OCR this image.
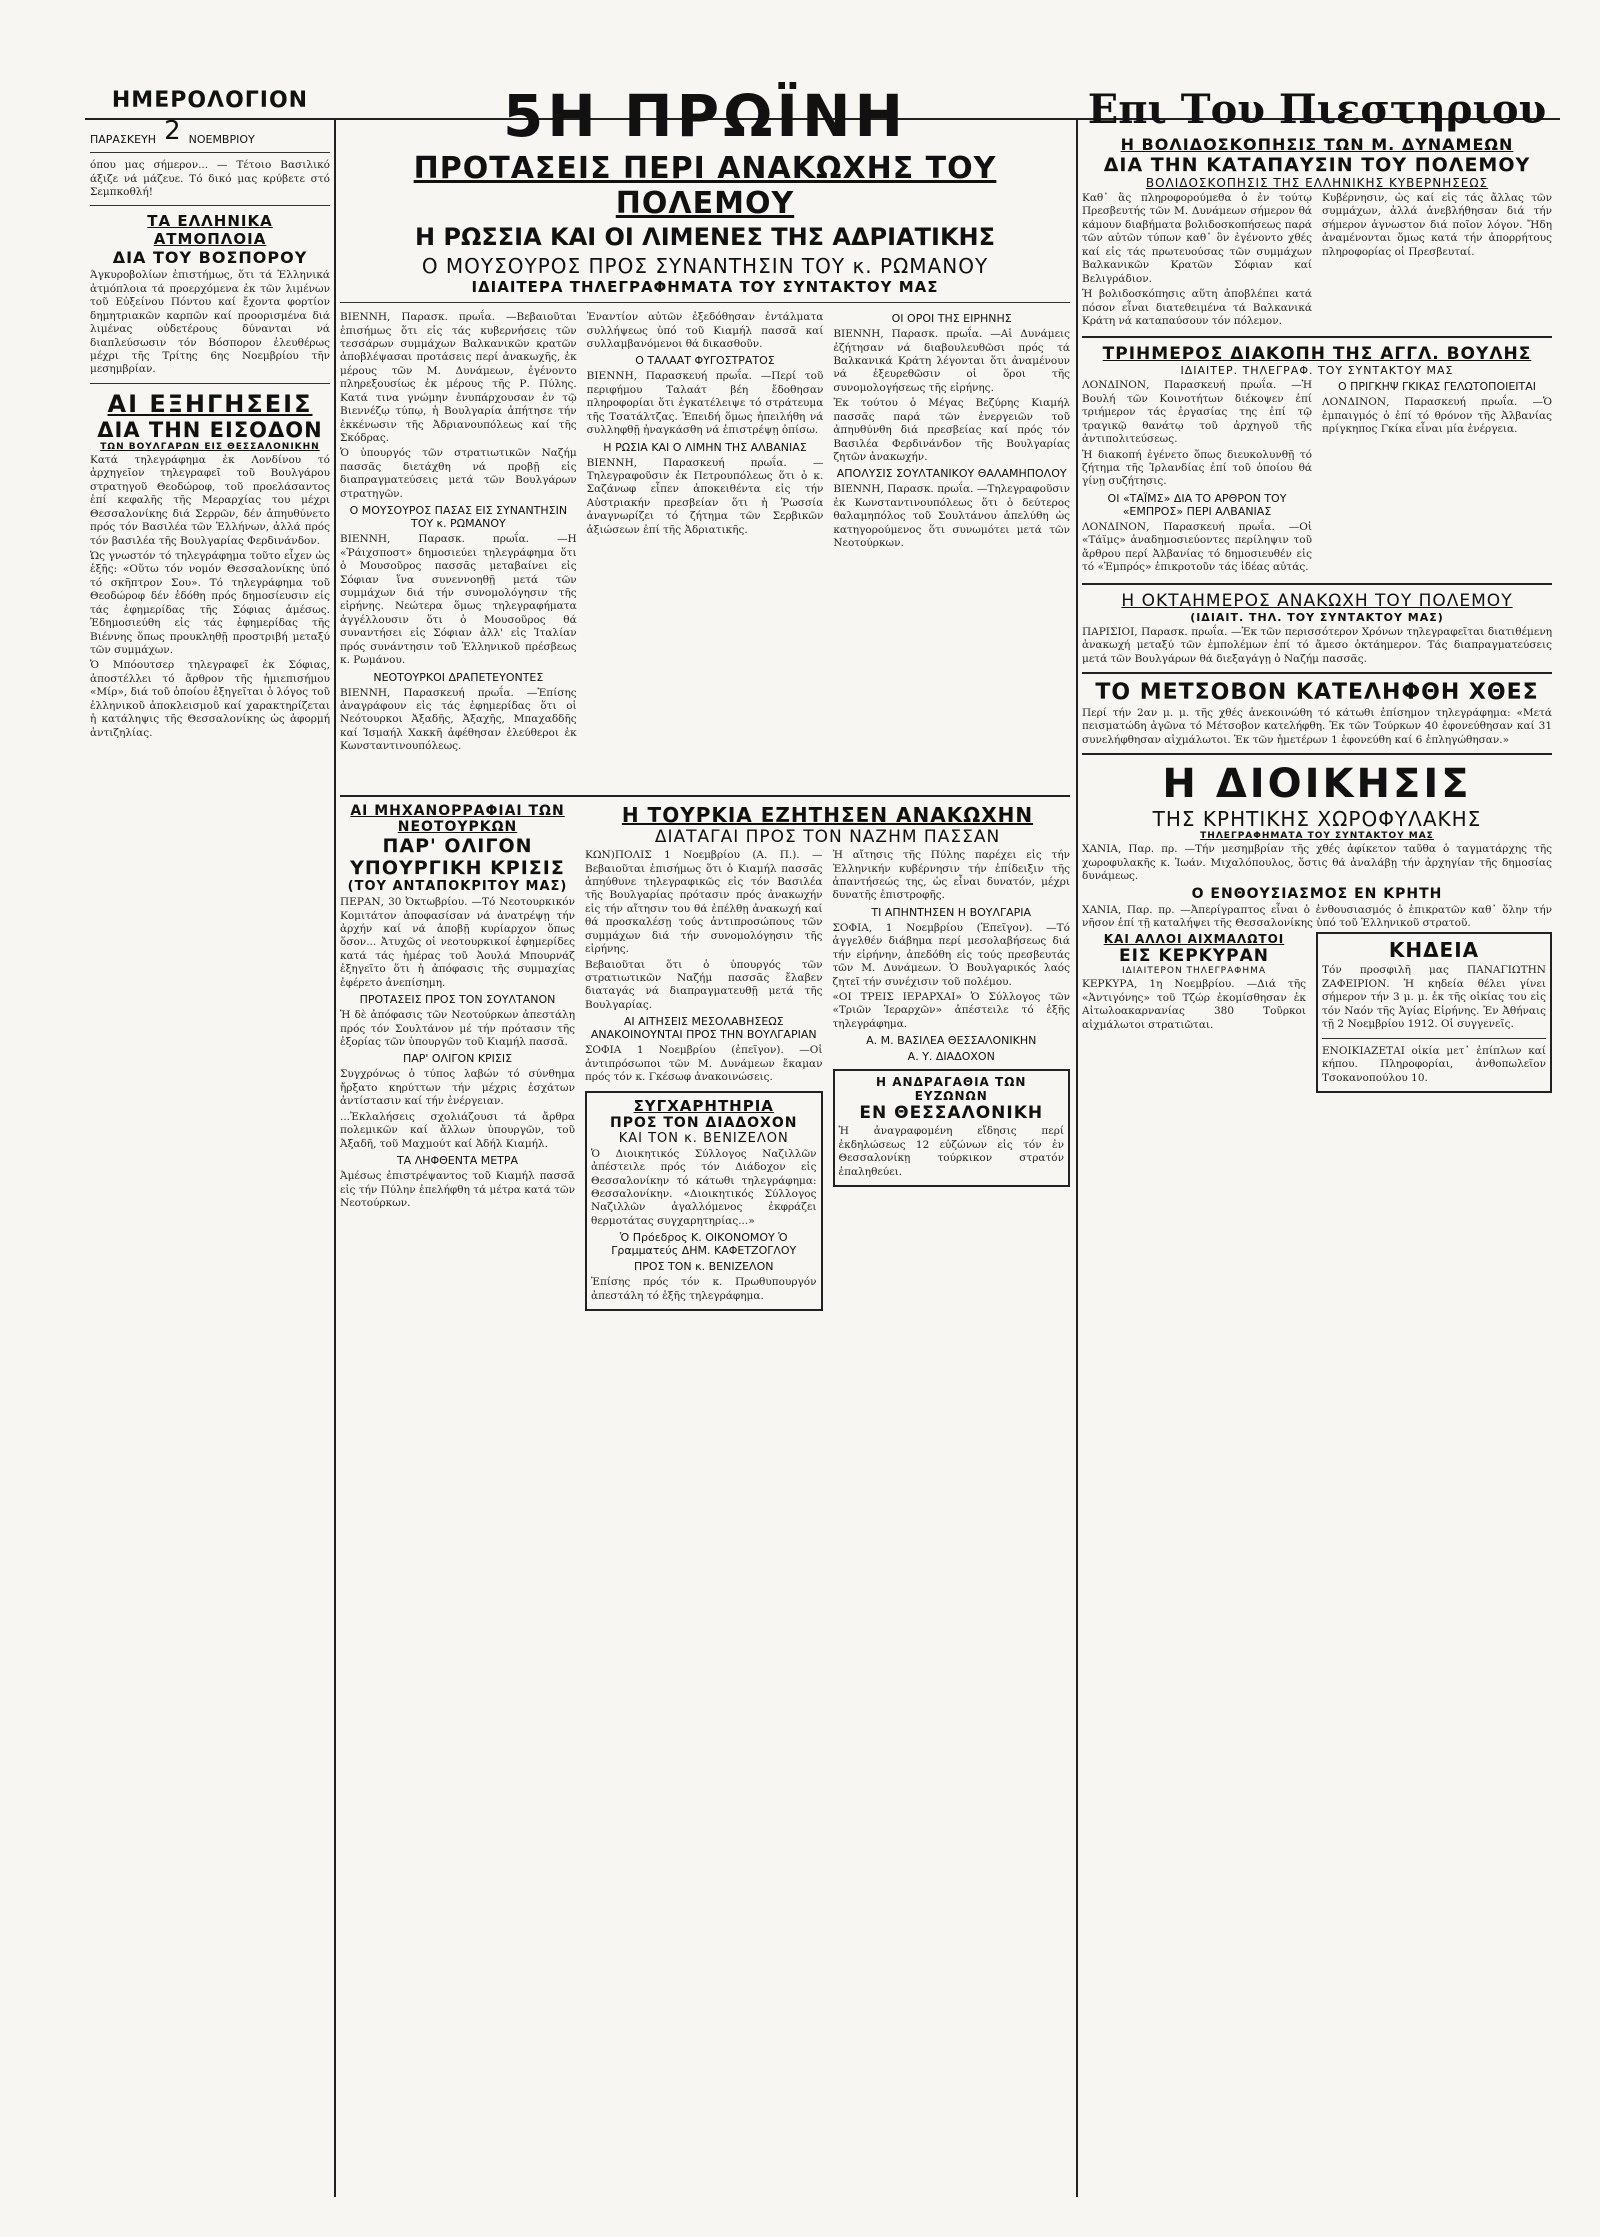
ΗΜΕΡΟΛΟΓΙΟΝ
ΠΑΡΑΣΚΕΥΗ 2 ΝΟΕΜΒΡΙΟΥ

όπου μας σήμερον... — Τέτοιο Βασιλικό άξιζε νά μάζευε. Τό δικό μας κρύβετε στό Σεμπκοθλή!

ΤΑ ΕΛΛΗΝΙΚΑ ΑΤΜΟΠΛΟΙΑ
ΔΙΑ ΤΟΥ ΒΟΣΠΟΡΟΥ

Άγκυροβολίων ἐπιστήμως, ὅτι τά Ἑλληνικά ἀτμόπλοια τά προερχόμενα ἐκ τῶν λιμένων τοῦ Εὐξείνου Πόντου καί ἔχοντα φορτίον δημητριακῶν καρπῶν καί προορισμένα διά λιμένας οὐδετέρους δύνανται νά διαπλεύσωσιν τόν Βόσπορον ἐλευθέρως μέχρι τῆς Τρίτης 6ης Νοεμβρίου τῆν μεσημβρίαν.

ΑΙ ΕΞΗΓΗΣΕΙΣ
ΔΙΑ ΤΗΝ ΕΙΣΟΔΟΝ
ΤΩΝ ΒΟΥΛΓΑΡΩΝ ΕΙΣ ΘΕΣΣΑΛΟΝΙΚΗΝ

Κατά τηλεγράφημα ἐκ Λονδίνου τό ἀρχηγεῖον τηλεγραφεῖ τοῦ Βουλγάρου στρατηγοῦ Θεοδώροφ, τοῦ προελάσαντος ἐπί κεφαλῆς τῆς Μεραρχίας του μέχρι Θεσσαλονίκης διά Σερρῶν, δέν ἀπηυθύνετο πρός τόν Βασιλέα τῶν Ἑλλήνων, ἀλλά πρός τόν βασιλέα τῆς Βουλγαρίας Φερδινάνδον.

Ὡς γνωστόν τό τηλεγράφημα τοῦτο εἶχεν ὡς ἑξῆς: «Οὕτω τόν νομόν Θεσσαλονίκης ὑπό τό σκῆπτρον Σου». Τό τηλεγράφημα τοῦ Θεοδώροφ δέν ἐδόθη πρός δημοσίευσιν εἰς τάς ἐφημερίδας τῆς Σόφιας ἀμέσως. Ἐδημοσιεύθη εἰς τάς ἐφημερίδας τῆς Βιέννης ὅπως προυκληθῇ προστριβή μεταξύ τῶν συμμάχων.

Ὁ Μπόουτσερ τηλεγραφεῖ ἐκ Σόφιας, ἀποστέλλει τό ἄρθρον τῆς ἡμιεπισήμου «Μίρ», διά τοῦ ὁποίου ἐξηγεῖται ὁ λόγος τοῦ ἐλληνικοῦ ἀποκλεισμοῦ καί χαρακτηρίζεται ἡ κατάληψις τῆς Θεσσαλονίκης ὡς ἀφορμή ἀντιζηλίας.

5Η ΠΡΩΪΝΗ
ΠΡΟΤΑΣΕΙΣ ΠΕΡΙ ΑΝΑΚΩΧΗΣ ΤΟΥ ΠΟΛΕΜΟΥ
Η ΡΩΣΣΙΑ ΚΑΙ ΟΙ ΛΙΜΕΝΕΣ ΤΗΣ ΑΔΡΙΑΤΙΚΗΣ
Ο ΜΟΥΣΟΥΡΟΣ ΠΡΟΣ ΣΥΝΑΝΤΗΣΙΝ ΤΟΥ κ. ΡΩΜΑΝΟΥ
ΙΔΙΑΙΤΕΡΑ ΤΗΛΕΓΡΑΦΗΜΑΤΑ ΤΟΥ ΣΥΝΤΑΚΤΟΥ ΜΑΣ

ΒΙΕΝΝΗ, Παρασκ. πρωΐα. —Βεβαιοῦται ἐπισήμως ὅτι εἰς τάς κυβερνήσεις τῶν τεσσάρων συμμάχων Βαλκανικῶν κρατῶν ἀποβλέψασαι προτάσεις περί ἀνακωχῆς, ἐκ μέρους τῶν Μ. Δυνάμεων, ἐγένοντο πληρεξουσίως ἐκ μέρους τῆς Ρ. Πύλης. Κατά τινα γνώμην ἐνυπάρχουσαν ἐν τῷ Βιεννέζῳ τύπῳ, ἡ Βουλγαρία ἀπήτησε τήν ἐκκένωσιν τῆς Ἀδριανουπόλεως καί τῆς Σκόδρας.

Ὁ ὑπουργός τῶν στρατιωτικῶν Ναζήμ πασσᾶς διετάχθη νά προβῇ εἰς διαπραγματεύσεις μετά τῶν Βουλγάρων στρατηγῶν.

Ο ΜΟΥΣΟΥΡΟΣ ΠΑΣΑΣ ΕΙΣ ΣΥΝΑΝΤΗΣΙΝ ΤΟΥ κ. ΡΩΜΑΝΟΥ

ΒΙΕΝΝΗ, Παρασκ. πρωΐα. —Η «Ῥάιχσποστ» δημοσιεύει τηλεγράφημα ὅτι ὁ Μουσοῦρος πασσᾶς μεταβαίνει εἰς Σόφιαν ἵνα συνεννοηθῇ μετά τῶν συμμάχων διά τήν συνομολόγησιν τῆς εἰρήνης. Νεώτερα ὅμως τηλεγραφήματα ἀγγέλλουσιν ὅτι ὁ Μουσοῦρος θά συναντήσει εἰς Σόφιαν ἀλλ' εἰς Ἰταλίαν πρός συνάντησιν τοῦ Ἑλληνικοῦ πρέσβεως κ. Ρωμάνου.

ΝΕΟΤΟΥΡΚΟΙ ΔΡΑΠΕΤΕΥΟΝΤΕΣ

ΒΙΕΝΝΗ, Παρασκευή πρωΐα. —Ἐπίσης ἀναγράφουν εἰς τάς ἐφημερίδας ὅτι οἱ Νεότουρκοι Ἀξαδῆς, Ἀξαχῆς, Μπαχαδδῆς καί Ἰσμαήλ Χακκῆ ἀφέθησαν ἐλεύθεροι ἐκ Κωνσταντινουπόλεως.

Ἐναντίον αὐτῶν ἐξεδόθησαν ἐντάλματα συλλήψεως ὑπό τοῦ Κιαμήλ πασσᾶ καί συλλαμβανόμενοι θά δικασθοῦν.

Ο ΤΑΛΑΑΤ ΦΥΓΟΣΤΡΑΤΟΣ

ΒΙΕΝΝΗ, Παρασκευή πρωΐα. —Περί τοῦ περιφήμου Ταλαάτ βέη ἔδοθησαν πληροφορίαι ὅτι ἐγκατέλειψε τό στράτευμα τῆς Τσατάλτζας. Ἐπειδή ὅμως ἠπειλήθη νά συλληφθῇ ἠναγκάσθη νά ἐπιστρέψῃ ὀπίσω.

Η ΡΩΣΙΑ ΚΑΙ Ο ΛΙΜΗΝ ΤΗΣ ΑΛΒΑΝΙΑΣ

ΒΙΕΝΝΗ, Παρασκευή πρωΐα. —Τηλεγραφοῦσιν ἐκ Πετρουπόλεως ὅτι ὁ κ. Σαζάνωφ εἶπεν ἀποκειθέντα εἰς τήν Αὐστριακήν πρεσβείαν ὅτι ἡ Ῥωσσία ἀναγνωρίζει τό ζήτημα τῶν Σερβικῶν ἀξιώσεων ἐπί τῆς Ἀδριατικῆς.

ΟΙ ΟΡΟΙ ΤΗΣ ΕΙΡΗΝΗΣ

ΒΙΕΝΝΗ, Παρασκ. πρωΐα. —Αἱ Δυνάμεις ἐζήτησαν νά διαβουλευθῶσι πρός τά Βαλκανικά Κράτη λέγονται ὅτι ἀναμένουν νά ἐξευρεθῶσιν οἱ ὅροι τῆς συνομολογήσεως τῆς εἰρήνης.

Ἐκ τούτου ὁ Μέγας Βεζύρης Κιαμήλ πασσᾶς παρά τῶν ἐνεργειῶν τοῦ ἀπηυθύνθη διά πρεσβείας καί πρός τόν Βασιλέα Φερδινάνδον τῆς Βουλγαρίας ζητῶν ἀνακωχήν.

ΑΠΟΛΥΣΙΣ ΣΟΥΛΤΑΝΙΚΟΥ ΘΑΛΑΜΗΠΟΛΟΥ

ΒΙΕΝΝΗ, Παρασκ. πρωΐα. —Τηλεγραφοῦσιν ἐκ Κωνσταντινουπόλεως ὅτι ὁ δεύτερος θαλαμηπόλος τοῦ Σουλτάνου ἀπελύθη ὡς κατηγορούμενος ὅτι συνωμότει μετά τῶν Νεοτούρκων.

ΑΙ ΜΗΧΑΝΟΡΡΑΦΙΑΙ ΤΩΝ ΝΕΟΤΟΥΡΚΩΝ
ΠΑΡ' ΟΛΙΓΟΝ ΥΠΟΥΡΓΙΚΗ ΚΡΙΣΙΣ
(ΤΟΥ ΑΝΤΑΠΟΚΡΙΤΟΥ ΜΑΣ)

ΠΕΡΑΝ, 30 Ὀκτωβρίου. —Τό Νεοτουρκικόν Κομιτάτον ἀποφασίσαν νά ἀνατρέψῃ τήν ἀρχήν καί νά ἀποβῇ κυρίαρχον ὅπως ὅσον... Ἀτυχῶς οἱ νεοτουρκικοί ἐφημερίδες κατά τάς ἡμέρας τοῦ Ἀουλά Μπουρνάζ ἐξηγεῖτο ὅτι ἡ ἀπόφασις τῆς συμμαχίας ἐφέρετο ἀνεπίσημη.

ΠΡΟΤΑΣΕΙΣ ΠΡΟΣ ΤΟΝ ΣΟΥΛΤΑΝΟΝ

Ἡ δὲ ἀπόφασις τῶν Νεοτούρκων ἀπεστάλη πρός τόν Σουλτάνον μέ τήν πρότασιν τῆς ἐξορίας τῶν ὑπουργῶν τοῦ Κιαμήλ πασσᾶ.

ΠΑΡ' ΟΛΙΓΟΝ ΚΡΙΣΙΣ

Συγχρόνως ὁ τύπος λαβών τό σύνθημα ἤρξατο κηρύττων τήν μέχρις ἐσχάτων ἀντίστασιν καί τήν ἐνέργειαν.

...Ἐκλαλήσεις σχολιάζουσι τά ἄρθρα πολεμικῶν καί ἄλλων ὑπουργῶν, τοῦ Ἀξαδῆ, τοῦ Μαχμούτ καί Ἀδήλ Κιαμήλ.

ΤΑ ΛΗΦΘΕΝΤΑ ΜΕΤΡΑ

Ἀμέσως ἐπιστρέψαντος τοῦ Κιαμήλ πασσᾶ εἰς τήν Πύλην ἐπελήφθη τά μέτρα κατά τῶν Νεοτούρκων.

Η ΤΟΥΡΚΙΑ ΕΖΗΤΗΣΕΝ ΑΝΑΚΩΧΗΝ
ΔΙΑΤΑΓΑΙ ΠΡΟΣ ΤΟΝ ΝΑΖΗΜ ΠΑΣΣΑΝ

ΚΩΝ)ΠΟΛΙΣ 1 Νοεμβρίου (Α. Π.). —Βεβαιοῦται ἐπισήμως ὅτι ὁ Κιαμήλ πασσᾶς ἀπηύθυνε τηλεγραφικῶς εἰς τόν Βασιλέα τῆς Βουλγαρίας πρότασιν πρός ἀνακωχήν εἰς τήν αἴτησιν του θά ἐπέλθῃ ἀνακωχή καί θά προσκαλέσῃ τούς ἀντιπροσώπους τῶν συμμάχων διά τήν συνομολόγησιν τῆς εἰρήνης.

Βεβαιοῦται ὅτι ὁ ὑπουργός τῶν στρατιωτικῶν Ναζήμ πασσᾶς ἔλαβεν διαταγάς νά διαπραγματευθῇ μετά τῆς Βουλγαρίας.

ΑΙ ΑΙΤΗΣΕΙΣ ΜΕΣΟΛΑΒΗΣΕΩΣ ΑΝΑΚΟΙΝΟΥΝΤΑΙ ΠΡΟΣ ΤΗΝ ΒΟΥΛΓΑΡΙΑΝ

ΣΟΦΙΑ 1 Νοεμβρίου (ἐπεῖγον). —Οἱ ἀντιπρόσωποι τῶν Μ. Δυνάμεων ἔκαμαν πρός τόν κ. Γκέσωφ ἀνακοινώσεις.

ΣΥΓΧΑΡΗΤΗΡΙΑ
ΠΡΟΣ ΤΟΝ ΔΙΑΔΟΧΟΝ
ΚΑΙ ΤΟΝ κ. ΒΕΝΙΖΕΛΟΝ

Ὁ Διοικητικός Σύλλογος Ναζιλλῶν ἀπέστειλε πρός τόν Διάδοχον εἰς Θεσσαλονίκην τό κάτωθι τηλεγράφημα: Θεσσαλονίκην. «Διοικητικός Σύλλογος Ναζιλλῶν ἀγαλλόμενος ἐκφράζει θερμοτάτας συγχαρητηρίας...»

Ὁ Πρόεδρος Κ. ΟΙΚΟΝΟΜΟΥ Ὁ Γραμματεύς ΔΗΜ. ΚΑΦΕΤΖΟΓΛΟΥ

ΠΡΟΣ ΤΟΝ κ. ΒΕΝΙΖΕΛΟΝ

Ἐπίσης πρός τόν κ. Πρωθυπουργόν ἀπεστάλη τό ἑξῆς τηλεγράφημα.

Ἡ αἴτησις τῆς Πύλης παρέχει εἰς τήν Ἑλληνικήν κυβέρνησιν τήν ἐπίδειξιν τῆς ἀπαντήσεώς της, ὡς εἶναι δυνατόν, μέχρι δυνατῆς ἐπιστροφῆς.

ΤΙ ΑΠΗΝΤΗΣΕΝ Η ΒΟΥΛΓΑΡΙΑ

ΣΟΦΙΑ, 1 Νοεμβρίου (Ἐπεῖγον). —Τό ἀγγελθέν διάβημα περί μεσολαβήσεως διά τήν εἰρήνην, ἀπεδόθη εἰς τούς πρεσβευτάς τῶν Μ. Δυνάμεων. Ὁ Βουλγαρικός λαός ζητεῖ τήν συνέχισιν τοῦ πολέμου.

«ΟΙ ΤΡΕΙΣ ΙΕΡΑΡΧΑΙ» Ὁ Σύλλογος τῶν «Τριῶν Ἱεραρχῶν» ἀπέστειλε τό ἑξῆς τηλεγράφημα.

Α. Μ. ΒΑΣΙΛΕΑ ΘΕΣΣΑΛΟΝΙΚΗΝ
Α. Υ. ΔΙΑΔΟΧΟΝ
Η ΑΝΔΡΑΓΑΘΙΑ ΤΩΝ ΕΥΖΩΝΩΝ
ΕΝ ΘΕΣΣΑΛΟΝΙΚΗ

Ἡ ἀναγραφομένη εἴδησις περί ἐκδηλώσεως 12 εὐζώνων εἰς τόν ἐν Θεσσαλονίκῃ τούρκικον στρατόν ἐπαληθεύει.

Επι Του Πιεστηριου
Η ΒΟΛΙΔΟΣΚΟΠΗΣΙΣ ΤΩΝ Μ. ΔΥΝΑΜΕΩΝ
ΔΙΑ ΤΗΝ ΚΑΤΑΠΑΥΣΙΝ ΤΟΥ ΠΟΛΕΜΟΥ
ΒΟΛΙΔΟΣΚΟΠΗΣΙΣ ΤΗΣ ΕΛΛΗΝΙΚΗΣ ΚΥΒΕΡΝΗΣΕΩΣ

Καθ᾽ ἃς πληροφορούμεθα ὁ ἐν τούτῳ Πρεσβευτής τῶν Μ. Δυνάμεων σήμερον θά κάμουν διαβήματα βολιδοσκοπήσεως παρά τῶν αὐτῶν τύπων καθ᾽ ὃν ἐγένοντο χθές καί εἰς τάς πρωτευούσας τῶν συμμάχων Βαλκανικῶν Κρατῶν Σόφιαν καί Βελιγράδιον.

Ἡ βολιδοσκόπησις αὕτη ἀποβλέπει κατά πόσον εἶναι διατεθειμένα τά Βαλκανικά Κράτη νά καταπαύσουν τόν πόλεμον.

Κυβέρνησιν, ὡς καί εἰς τάς ἄλλας τῶν συμμάχων, ἀλλά ἀνεβλήθησαν διά τήν σήμερον ἀγνωστον διά ποῖον λόγον. Ἤδη ἀναμένονται ὅμως κατά τήν ἀπορρήτους πληροφορίας οἱ Πρεσβευταί.

ΤΡΙΗΜΕΡΟΣ ΔΙΑΚΟΠΗ ΤΗΣ ΑΓΓΛ. ΒΟΥΛΗΣ
ΙΔΙΑΙΤΕΡ. ΤΗΛΕΓΡΑΦ. ΤΟΥ ΣΥΝΤΑΚΤΟΥ ΜΑΣ

ΛΟΝΔΙΝΟΝ, Παρασκευή πρωΐα. —Ἡ Βουλή τῶν Κοινοτήτων διέκοψεν ἐπί τριήμερον τάς ἐργασίας της ἐπί τῷ τραγικῷ θανάτῳ τοῦ ἀρχηγοῦ τῆς ἀντιπολιτεύσεως.

Ἡ διακοπή ἐγένετο ὅπως διευκολυνθῇ τό ζήτημα τῆς Ἰρλανδίας ἐπί τοῦ ὁποίου θά γίνῃ συζήτησις.

ΟΙ «ΤΑΪΜΣ» ΔΙΑ ΤΟ ΑΡΘΡΟΝ ΤΟΥ «ΕΜΠΡΟΣ» ΠΕΡΙ ΑΛΒΑΝΙΑΣ

ΛΟΝΔΙΝΟΝ, Παρασκευή πρωΐα. —Οἱ «Τάϊμς» ἀναδημοσιεύοντες περίληψιν τοῦ ἄρθρου περί Ἀλβανίας τό δημοσιευθέν εἰς τό «Ἐμπρός» ἐπικροτοῦν τάς ἰδέας αὐτάς.

Ο ΠΡΙΓΚΗΨ ΓΚΙΚΑΣ ΓΕΛΩΤΟΠΟΙΕΙΤΑΙ

ΛΟΝΔΙΝΟΝ, Παρασκευή πρωΐα. —Ὁ ἐμπαιγμός ὁ ἐπί τό θρόνον τῆς Ἀλβανίας πρίγκηπος Γκίκα εἶναι μία ἐνέργεια.

Η ΟΚΤΑΗΜΕΡΟΣ ΑΝΑΚΩΧΗ ΤΟΥ ΠΟΛΕΜΟΥ
(ΙΔΙΑΙΤ. ΤΗΛ. ΤΟΥ ΣΥΝΤΑΚΤΟΥ ΜΑΣ)

ΠΑΡΙΣΙΟΙ, Παρασκ. πρωΐα. —Ἐκ τῶν περισσότερον Χρόνων τηλεγραφεῖται διατιθέμενη ἀνακωχή μεταξύ τῶν ἐμπολέμων ἐπί τό ἄμεσο ὀκτάημερον. Τάς διαπραγματεύσεις μετά τῶν Βουλγάρων θά διεξαγάγῃ ὁ Ναζήμ πασσᾶς.

ΤΟ ΜΕΤΣΟΒΟΝ ΚΑΤΕΛΗΦΘΗ ΧΘΕΣ

Περί τήν 2αν μ. μ. τῆς χθές ἀνεκοινώθη τό κάτωθι ἐπίσημον τηλεγράφημα: «Μετά πεισματώδη ἀγῶνα τό Μέτσοβον κατελήφθη. Ἐκ τῶν Τούρκων 40 ἐφονεύθησαν καί 31 συνελήφθησαν αἰχμάλωτοι. Ἐκ τῶν ἡμετέρων 1 ἐφονεύθη καί 6 ἐπληγώθησαν.»

Η ΔΙΟΙΚΗΣΙΣ
ΤΗΣ ΚΡΗΤΙΚΗΣ ΧΩΡΟΦΥΛΑΚΗΣ
ΤΗΛΕΓΡΑΦΗΜΑΤΑ ΤΟΥ ΣΥΝΤΑΚΤΟΥ ΜΑΣ

ΧΑΝΙΑ, Παρ. πρ. —Τήν μεσημβρίαν τῆς χθές ἀφίκετον ταῦθα ὁ ταγματάρχης τῆς χωροφυλακῆς κ. Ἰωάν. Μιχαλόπουλος, ὅστις θά ἀναλάβῃ τήν ἀρχηγίαν τῆς δημοσίας δυνάμεως.

Ο ΕΝΘΟΥΣΙΑΣΜΟΣ ΕΝ ΚΡΗΤΗ

ΧΑΝΙΑ, Παρ. πρ. —Ἀπερίγραπτος εἶναι ὁ ἐνθουσιασμός ὁ ἐπικρατῶν καθ᾽ ὅλην τήν νῆσον ἐπί τῇ καταλήψει τῆς Θεσσαλονίκης ὑπό τοῦ Ἑλληνικοῦ στρατοῦ.

ΚΑΙ ΑΛΛΟΙ ΑΙΧΜΑΛΩΤΟΙ
ΕΙΣ ΚΕΡΚΥΡΑΝ
ΙΔΙΑΙΤΕΡΟΝ ΤΗΛΕΓΡΑΦΗΜΑ

ΚΕΡΚΥΡΑ, 1η Νοεμβρίου. —Διά τῆς «Ἀντιγόνης» τοῦ Τζώρ ἐκομίσθησαν ἐκ Αἰτωλοακαρνανίας 380 Τοῦρκοι αἰχμάλωτοι στρατιῶται.

ΚΗΔΕΙΑ

Τόν προσφιλῆ μας ΠΑΝΑΓΙΩΤΗΝ ΖΑΦΕΙΡΙΟΝ. Ἡ κηδεία θέλει γίνει σήμερον τήν 3 μ. μ. ἐκ τῆς οἰκίας του εἰς τόν Ναόν τῆς Ἁγίας Εἰρήνης. Ἐν Ἀθήναις τῇ 2 Νοεμβρίου 1912. Οἱ συγγενεῖς.

ΕΝΟΙΚΙΑΖΕΤΑΙ οἰκία μετ᾽ ἐπίπλων καί κήπου. Πληροφορίαι, ἀνθοπωλεῖον Τσοκανοπούλου 10.
